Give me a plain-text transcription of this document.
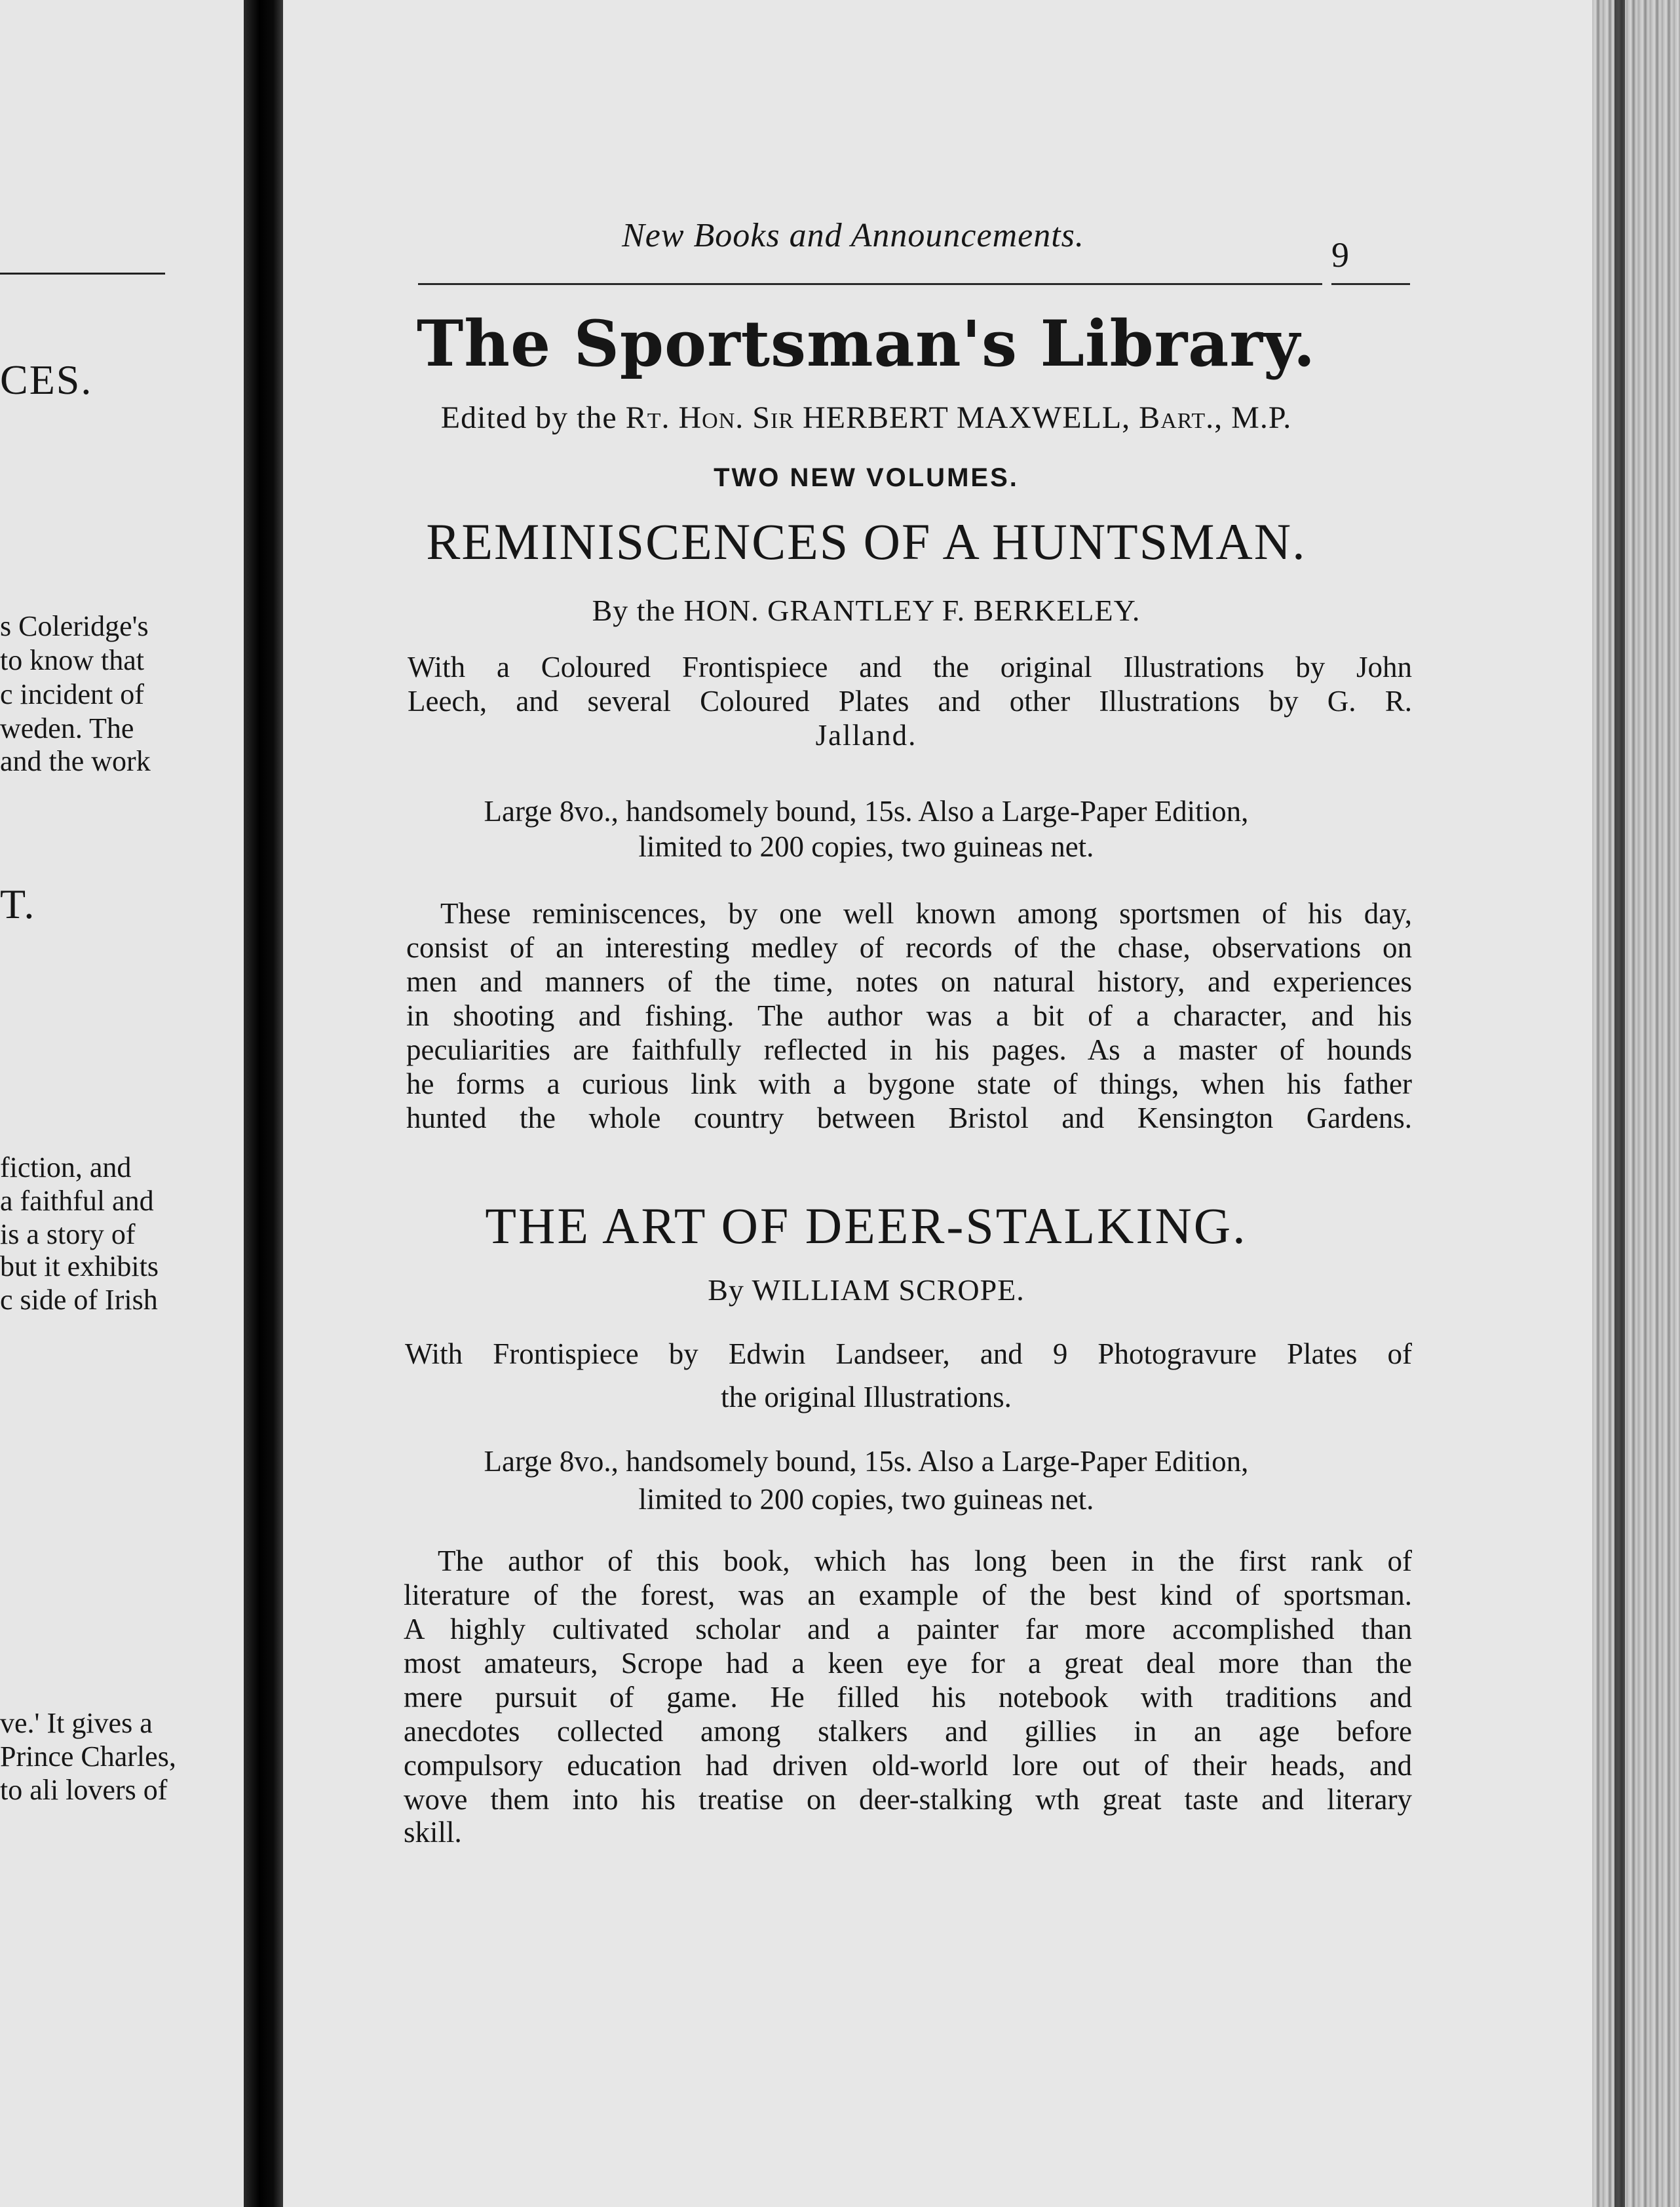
CES.
s Coleridge's
to know that
c incident of
weden. The
and the work
T.
fiction, and
a faithful and
is a story of
but it exhibits
c side of Irish
ve.' It gives a
Prince Charles,
to ali lovers of
New Books and Announcements.	9
The Sportsman's Library.
Edited by the Rt. Hon. Sir HERBERT MAXWELL, Bart., M.P.
TWO NEW VOLUMES.
REMINISCENCES OF A HUNTSMAN.
By the HON. GRANTLEY F. BERKELEY.
With a Coloured Frontispiece and the original Illustrations by John
Leech, and several Coloured Plates and other Illustrations by G. R.
Jalland.
Large 8vo., handsomely bound, 15s. Also a Large-Paper Edition,
limited to 200 copies, two guineas net.
These reminiscences, by one well known among sportsmen of his day,
consist of an interesting medley of records of the chase, observations on
men and manners of the time, notes on natural history, and experiences
in shooting and fishing. The author was a bit of a character, and his
peculiarities are faithfully reflected in his pages. As a master of hounds
he forms a curious link with a bygone state of things, when his father
hunted the whole country between Bristol and Kensington Gardens.
THE ART OF DEER-STALKING.
By WILLIAM SCROPE.
With Frontispiece by Edwin Landseer, and 9 Photogravure Plates of
the original Illustrations.
Large 8vo., handsomely bound, 15s. Also a Large-Paper Edition,
limited to 200 copies, two guineas net.
The author of this book, which has long been in the first rank of
literature of the forest, was an example of the best kind of sportsman.
A highly cultivated scholar and a painter far more accomplished than
most amateurs, Scrope had a keen eye for a great deal more than the
mere pursuit of game. He filled his notebook with traditions and
anecdotes collected among stalkers and gillies in an age before
compulsory education had driven old-world lore out of their heads, and
wove them into his treatise on deer-stalking wth great taste and literary
skill.
